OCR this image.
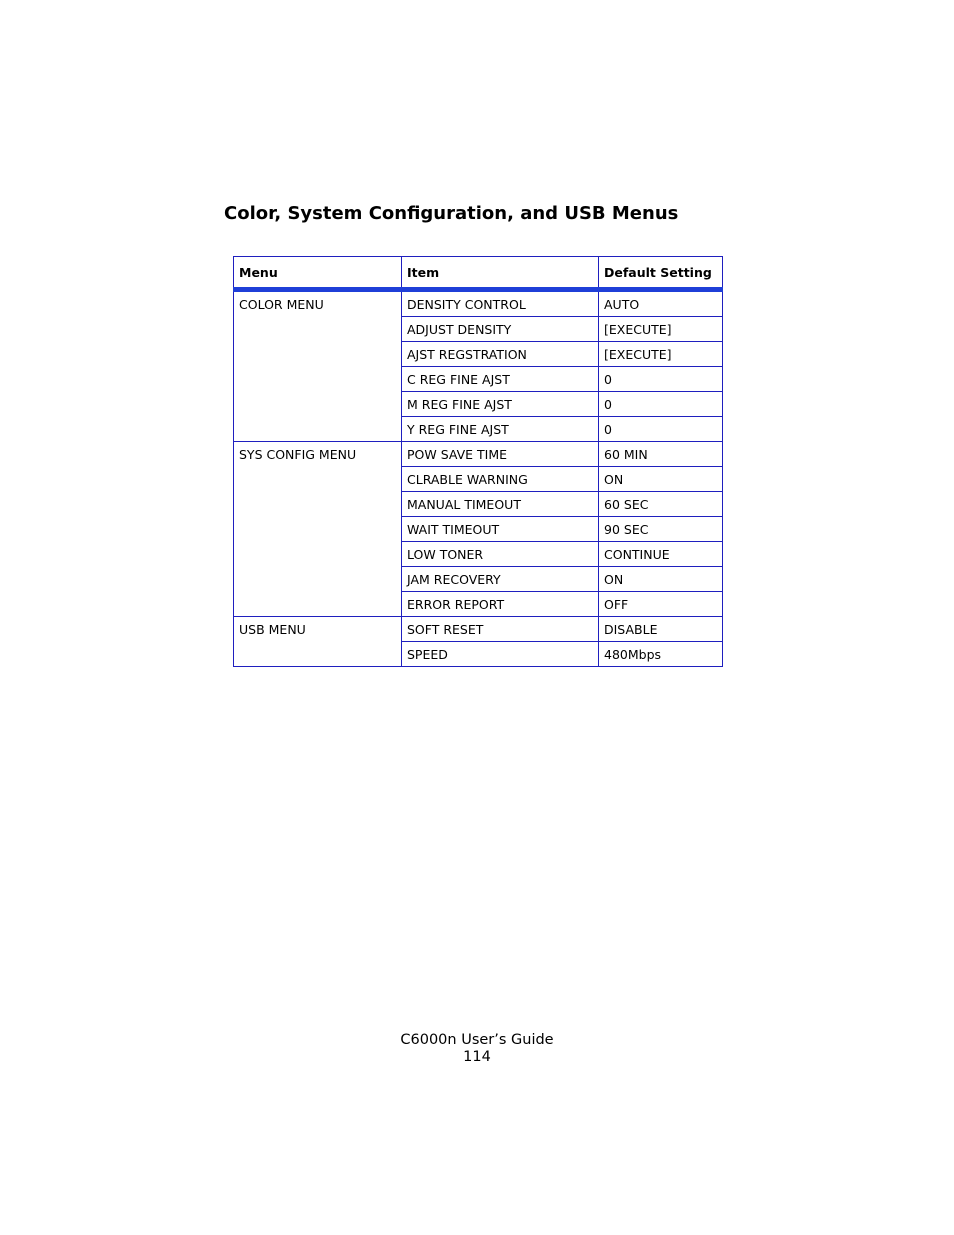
Color, System Configuration, and USB Menus
Menu	Item	Default Setting
COLOR MENU	DENSITY CONTROL	AUTO
	ADJUST DENSITY	[EXECUTE]
	AJST REGSTRATION	[EXECUTE]
	C REG FINE AJST	0
	M REG FINE AJST	0
	Y REG FINE AJST	0
SYS CONFIG MENU	POW SAVE TIME	60 MIN
	CLRABLE WARNING	ON
	MANUAL TIMEOUT	60 SEC
	WAIT TIMEOUT	90 SEC
	LOW TONER	CONTINUE
	JAM RECOVERY	ON
	ERROR REPORT	OFF
USB MENU	SOFT RESET	DISABLE
	SPEED	480Mbps
C6000n User’s Guide
114
